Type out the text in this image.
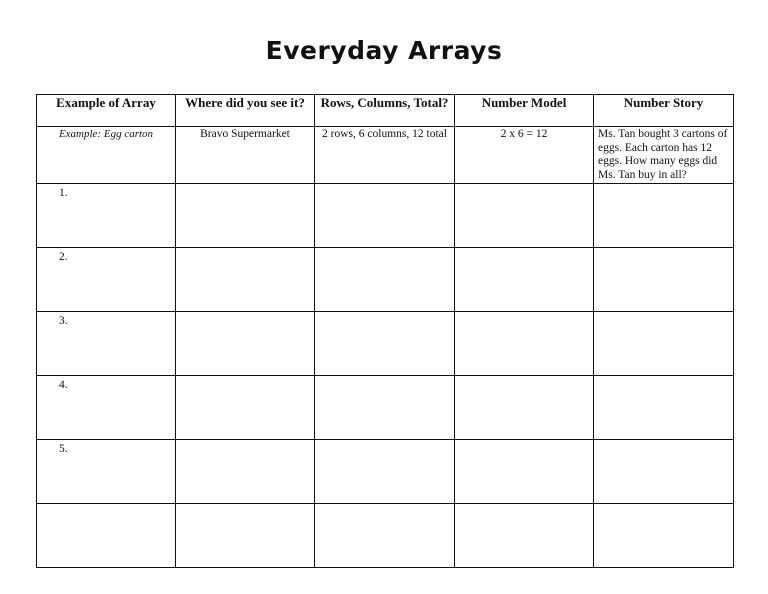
Everyday Arrays
Example of Array	Where did you see it?	Rows, Columns, Total?	Number Model	Number Story
Example: Egg carton	Bravo Supermarket	2 rows, 6 columns, 12 total	2 x 6 = 12	Ms. Tan bought 3 cartons of eggs. Each carton has 12 eggs. How many eggs did Ms. Tan buy in all?
1.				
2.				
3.				
4.				
5.				
